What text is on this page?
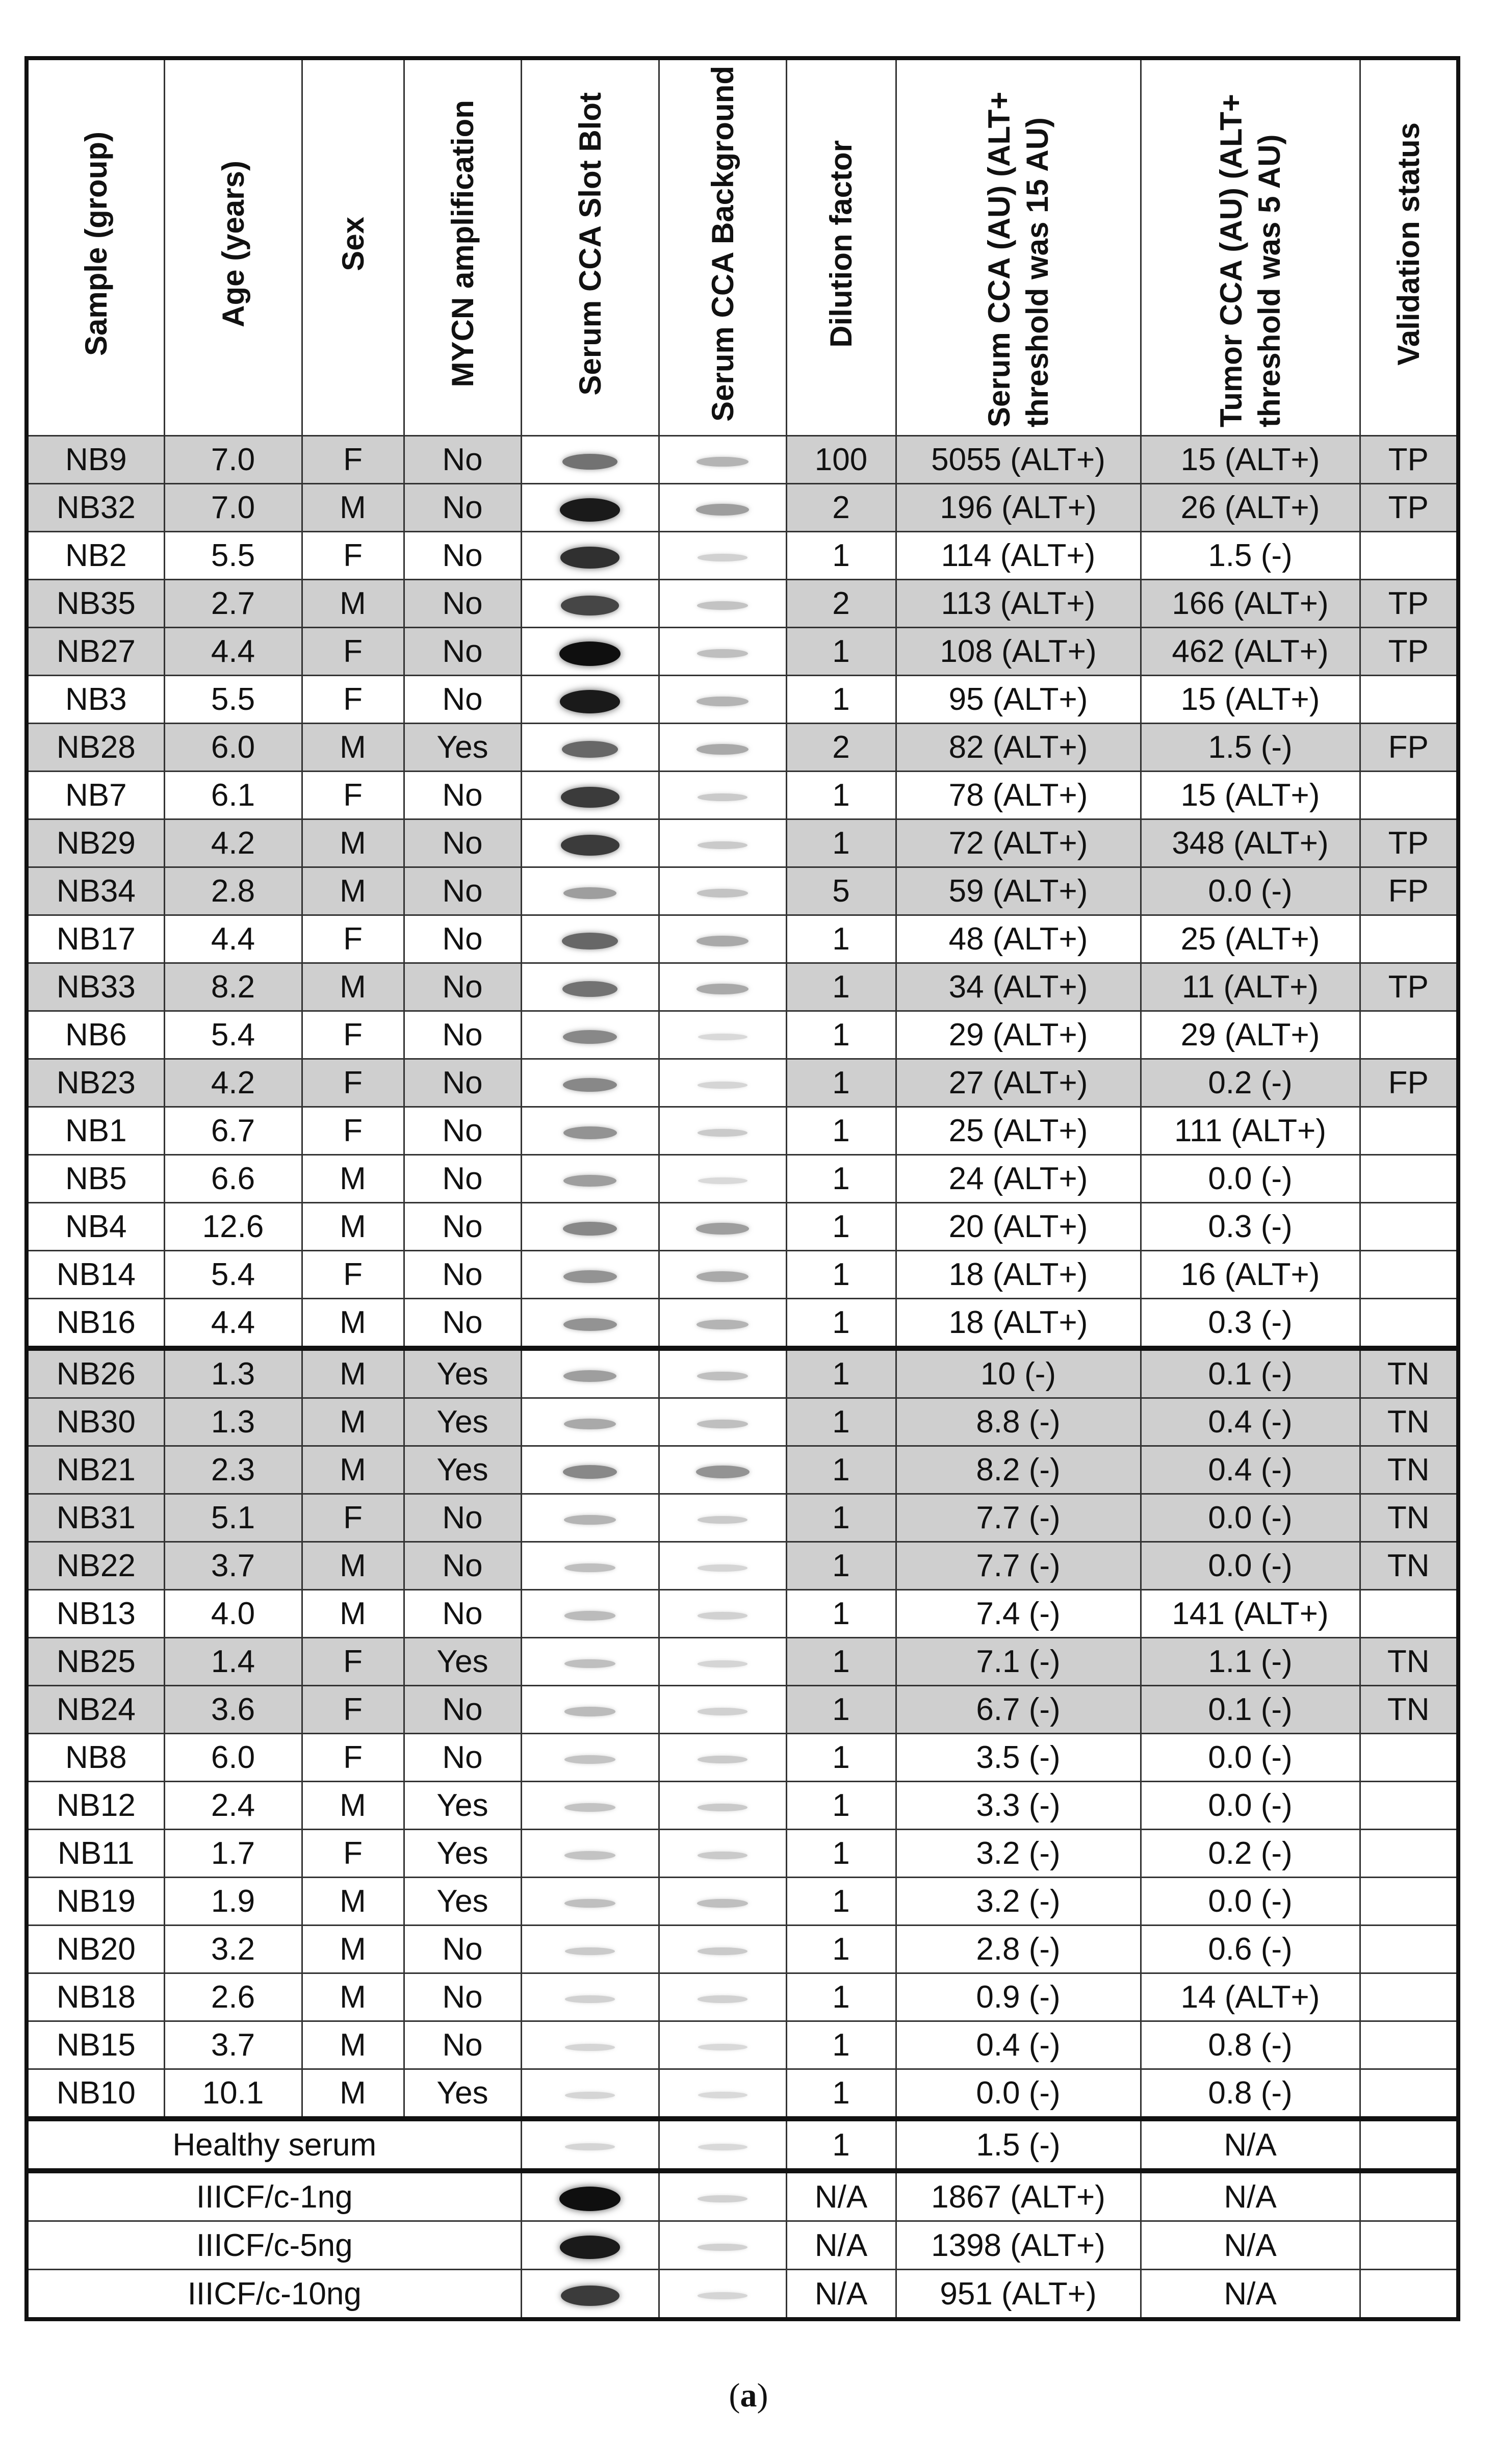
Sample (group)	Age (years)	Sex	MYCN amplification	Serum CCA Slot Blot	Serum CCA Background	Dilution factor	Serum CCA (AU) (ALT+ threshold was 15 AU)	Tumor CCA (AU) (ALT+ threshold was 5 AU)	Validation status
NB9	7.0	F	No			100	5055 (ALT+)	15 (ALT+)	TP
NB32	7.0	M	No			2	196 (ALT+)	26 (ALT+)	TP
NB2	5.5	F	No			1	114 (ALT+)	1.5 (-)	
NB35	2.7	M	No			2	113 (ALT+)	166 (ALT+)	TP
NB27	4.4	F	No			1	108 (ALT+)	462 (ALT+)	TP
NB3	5.5	F	No			1	95 (ALT+)	15 (ALT+)	
NB28	6.0	M	Yes			2	82 (ALT+)	1.5 (-)	FP
NB7	6.1	F	No			1	78 (ALT+)	15 (ALT+)	
NB29	4.2	M	No			1	72 (ALT+)	348 (ALT+)	TP
NB34	2.8	M	No			5	59 (ALT+)	0.0 (-)	FP
NB17	4.4	F	No			1	48 (ALT+)	25 (ALT+)	
NB33	8.2	M	No			1	34 (ALT+)	11 (ALT+)	TP
NB6	5.4	F	No			1	29 (ALT+)	29 (ALT+)	
NB23	4.2	F	No			1	27 (ALT+)	0.2 (-)	FP
NB1	6.7	F	No			1	25 (ALT+)	111 (ALT+)	
NB5	6.6	M	No			1	24 (ALT+)	0.0 (-)	
NB4	12.6	M	No			1	20 (ALT+)	0.3 (-)	
NB14	5.4	F	No			1	18 (ALT+)	16 (ALT+)	
NB16	4.4	M	No			1	18 (ALT+)	0.3 (-)	
NB26	1.3	M	Yes			1	10 (-)	0.1 (-)	TN
NB30	1.3	M	Yes			1	8.8 (-)	0.4 (-)	TN
NB21	2.3	M	Yes			1	8.2 (-)	0.4 (-)	TN
NB31	5.1	F	No			1	7.7 (-)	0.0 (-)	TN
NB22	3.7	M	No			1	7.7 (-)	0.0 (-)	TN
NB13	4.0	M	No			1	7.4 (-)	141 (ALT+)	
NB25	1.4	F	Yes			1	7.1 (-)	1.1 (-)	TN
NB24	3.6	F	No			1	6.7 (-)	0.1 (-)	TN
NB8	6.0	F	No			1	3.5 (-)	0.0 (-)	
NB12	2.4	M	Yes			1	3.3 (-)	0.0 (-)	
NB11	1.7	F	Yes			1	3.2 (-)	0.2 (-)	
NB19	1.9	M	Yes			1	3.2 (-)	0.0 (-)	
NB20	3.2	M	No			1	2.8 (-)	0.6 (-)	
NB18	2.6	M	No			1	0.9 (-)	14 (ALT+)	
NB15	3.7	M	No			1	0.4 (-)	0.8 (-)	
NB10	10.1	M	Yes			1	0.0 (-)	0.8 (-)	
Healthy serum						1	1.5 (-)	N/A	
IIICF/c-1ng						N/A	1867 (ALT+)	N/A	
IIICF/c-5ng						N/A	1398 (ALT+)	N/A	
IIICF/c-10ng						N/A	951 (ALT+)	N/A	
(a)
